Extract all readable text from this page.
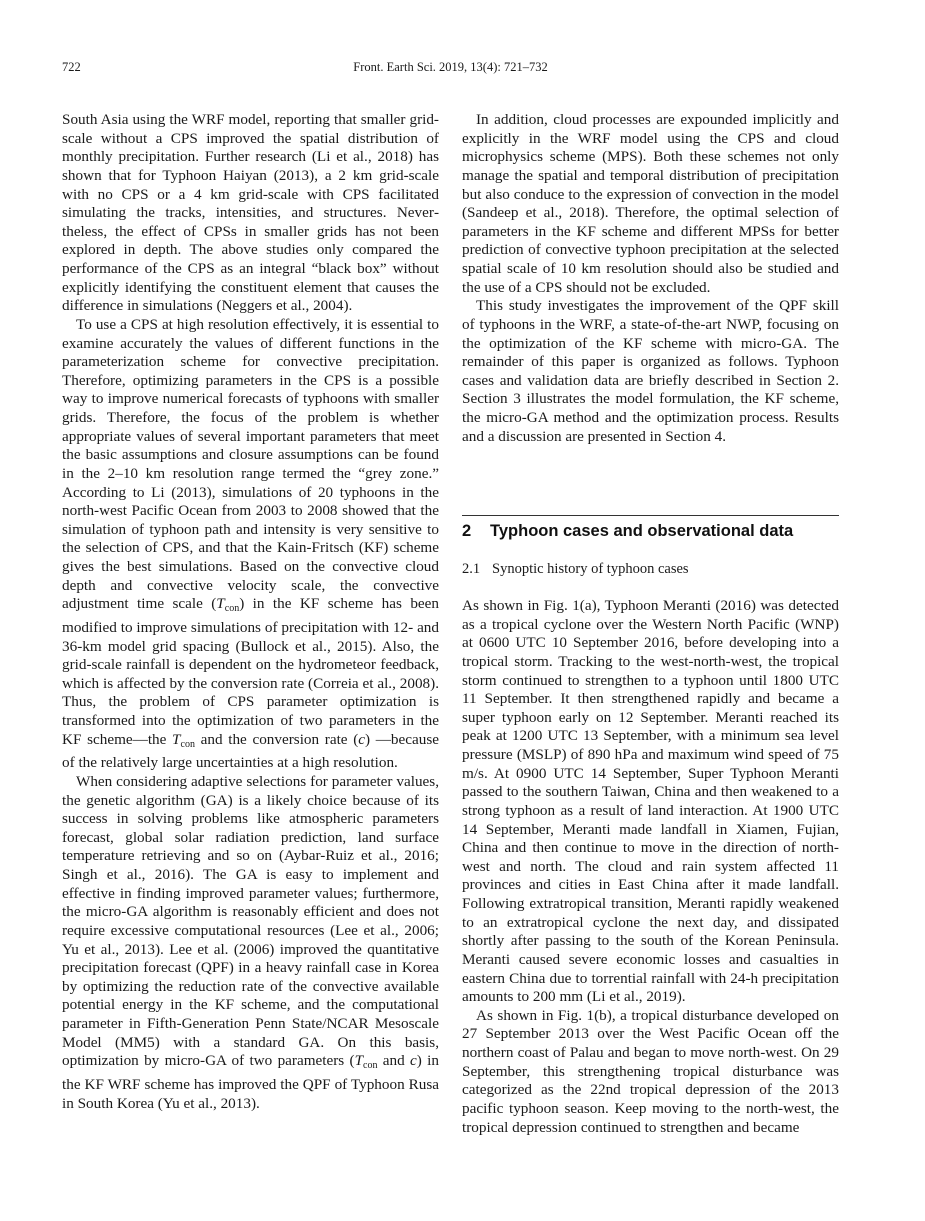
722	Front. Earth Sci. 2019, 13(4): 721–732

South Asia using the WRF model, reporting that smaller grid-scale without a CPS improved the spatial distribution of monthly precipitation. Further research (Li et al., 2018) has shown that for Typhoon Haiyan (2013), a 2 km grid-scale with no CPS or a 4 km grid-scale with CPS facilitated simulating the tracks, intensities, and structures. Nevertheless, the effect of CPSs in smaller grids has not been explored in depth. The above studies only compared the performance of the CPS as an integral “black box” without explicitly identifying the constituent element that causes the difference in simulations (Neggers et al., 2004).

To use a CPS at high resolution effectively, it is essential to examine accurately the values of different functions in the parameterization scheme for convective precipitation. Therefore, optimizing parameters in the CPS is a possible way to improve numerical forecasts of typhoons with smaller grids. Therefore, the focus of the problem is whether appropriate values of several important parameters that meet the basic assumptions and closure assumptions can be found in the 2–10 km resolution range termed the “grey zone.” According to Li (2013), simulations of 20 typhoons in the north-west Pacific Ocean from 2003 to 2008 showed that the simulation of typhoon path and intensity is very sensitive to the selection of CPS, and that the Kain-Fritsch (KF) scheme gives the best simulations. Based on the convective cloud depth and convective velocity scale, the convective adjustment time scale $(T_{con})$ in the KF scheme has been modified to improve simulations of precipitation with 12- and 36-km model grid spacing (Bullock et al., 2015). Also, the grid-scale rainfall is dependent on the hydrometeor feedback, which is affected by the conversion rate (Correia et al., 2008). Thus, the problem of CPS parameter optimization is transformed into the optimization of two parameters in the KF scheme—the $T_{con}$ and the conversion rate (c) —because of the relatively large uncertainties at a high resolution.

When considering adaptive selections for parameter values, the genetic algorithm (GA) is a likely choice because of its success in solving problems like atmospheric parameters forecast, global solar radiation prediction, land surface temperature retrieving and so on (Aybar-Ruiz et al., 2016; Singh et al., 2016). The GA is easy to implement and effective in finding improved parameter values; furthermore, the micro-GA algorithm is reasonably efficient and does not require excessive computational resources (Lee et al., 2006; Yu et al., 2013). Lee et al. (2006) improved the quantitative precipitation forecast (QPF) in a heavy rainfall case in Korea by optimizing the reduction rate of the convective available potential energy in the KF scheme, and the computational parameter in Fifth-Generation Penn State/NCAR Mesoscale Model (MM5) with a standard GA. On this basis, optimization by micro-GA of two parameters ($T_{con}$ and c) in the KF WRF scheme has improved the QPF of Typhoon Rusa in South Korea (Yu et al., 2013).

In addition, cloud processes are expounded implicitly and explicitly in the WRF model using the CPS and cloud microphysics scheme (MPS). Both these schemes not only manage the spatial and temporal distribution of precipitation but also conduce to the expression of convection in the model (Sandeep et al., 2018). Therefore, the optimal selection of parameters in the KF scheme and different MPSs for better prediction of convective typhoon precipitation at the selected spatial scale of 10 km resolution should also be studied and the use of a CPS should not be excluded.

This study investigates the improvement of the QPF skill of typhoons in the WRF, a state-of-the-art NWP, focusing on the optimization of the KF scheme with micro-GA. The remainder of this paper is organized as follows. Typhoon cases and validation data are briefly described in Section 2. Section 3 illustrates the model formulation, the KF scheme, the micro-GA method and the optimization process. Results and a discussion are presented in Section 4.

2 Typhoon cases and observational data
2.1 Synoptic history of typhoon cases

As shown in Fig. 1(a), Typhoon Meranti (2016) was detected as a tropical cyclone over the Western North Pacific (WNP) at 0600 UTC 10 September 2016, before developing into a tropical storm. Tracking to the west-north-west, the tropical storm continued to strengthen to a typhoon until 1800 UTC 11 September. It then strengthened rapidly and became a super typhoon early on 12 September. Meranti reached its peak at 1200 UTC 13 September, with a minimum sea level pressure (MSLP) of 890 hPa and maximum wind speed of 75 m/s. At 0900 UTC 14 September, Super Typhoon Meranti passed to the southern Taiwan, China and then weakened to a strong typhoon as a result of land interaction. At 1900 UTC 14 September, Meranti made landfall in Xiamen, Fujian, China and then continue to move in the direction of north-west and north. The cloud and rain system affected 11 provinces and cities in East China after it made landfall. Following extratropical transition, Meranti rapidly weakened to an extratropical cyclone the next day, and dissipated shortly after passing to the south of the Korean Peninsula. Meranti caused severe economic losses and casualties in eastern China due to torrential rainfall with 24-h precipitation amounts to 200 mm (Li et al., 2019).

As shown in Fig. 1(b), a tropical disturbance developed on 27 September 2013 over the West Pacific Ocean off the northern coast of Palau and began to move north-west. On 29 September, this strengthening tropical disturbance was categorized as the 22nd tropical depression of the 2013 pacific typhoon season. Keep moving to the north-west, the tropical depression continued to strengthen and became
